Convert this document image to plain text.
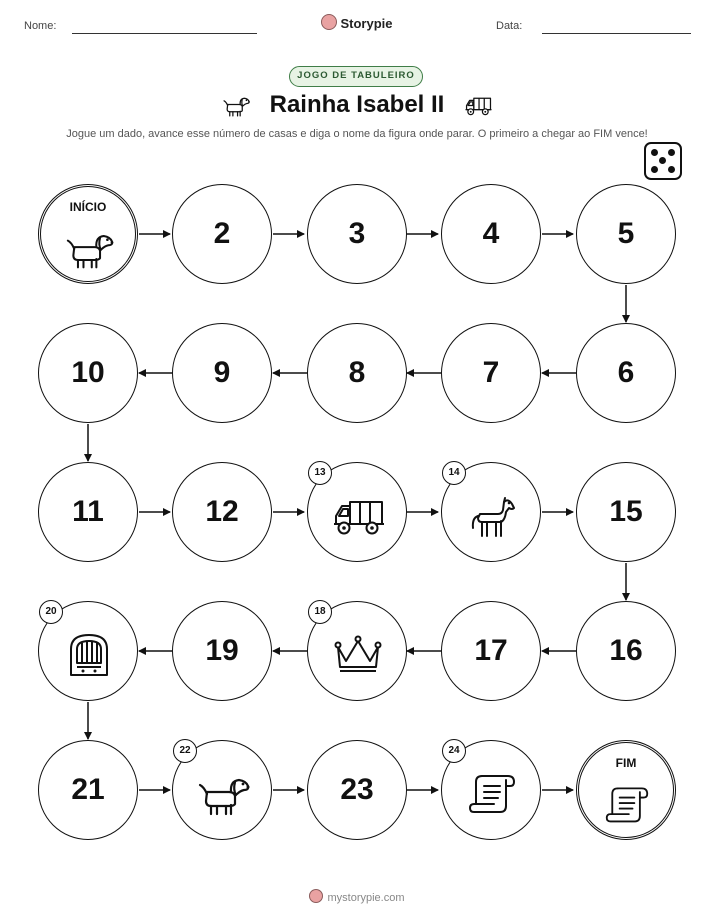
Nome:	Storypie	Data:
JOGO DE TABULEIRO
Rainha Isabel II
Jogue um dado, avance esse número de casas e diga o nome da figura onde parar. O primeiro a chegar ao FIM vence!
INÍCIO
2	3	4	5
6
7
8
9
10
11	12
13	14
15
16
17
18
19
20
21
22
23
24
FIM
mystorypie.com
